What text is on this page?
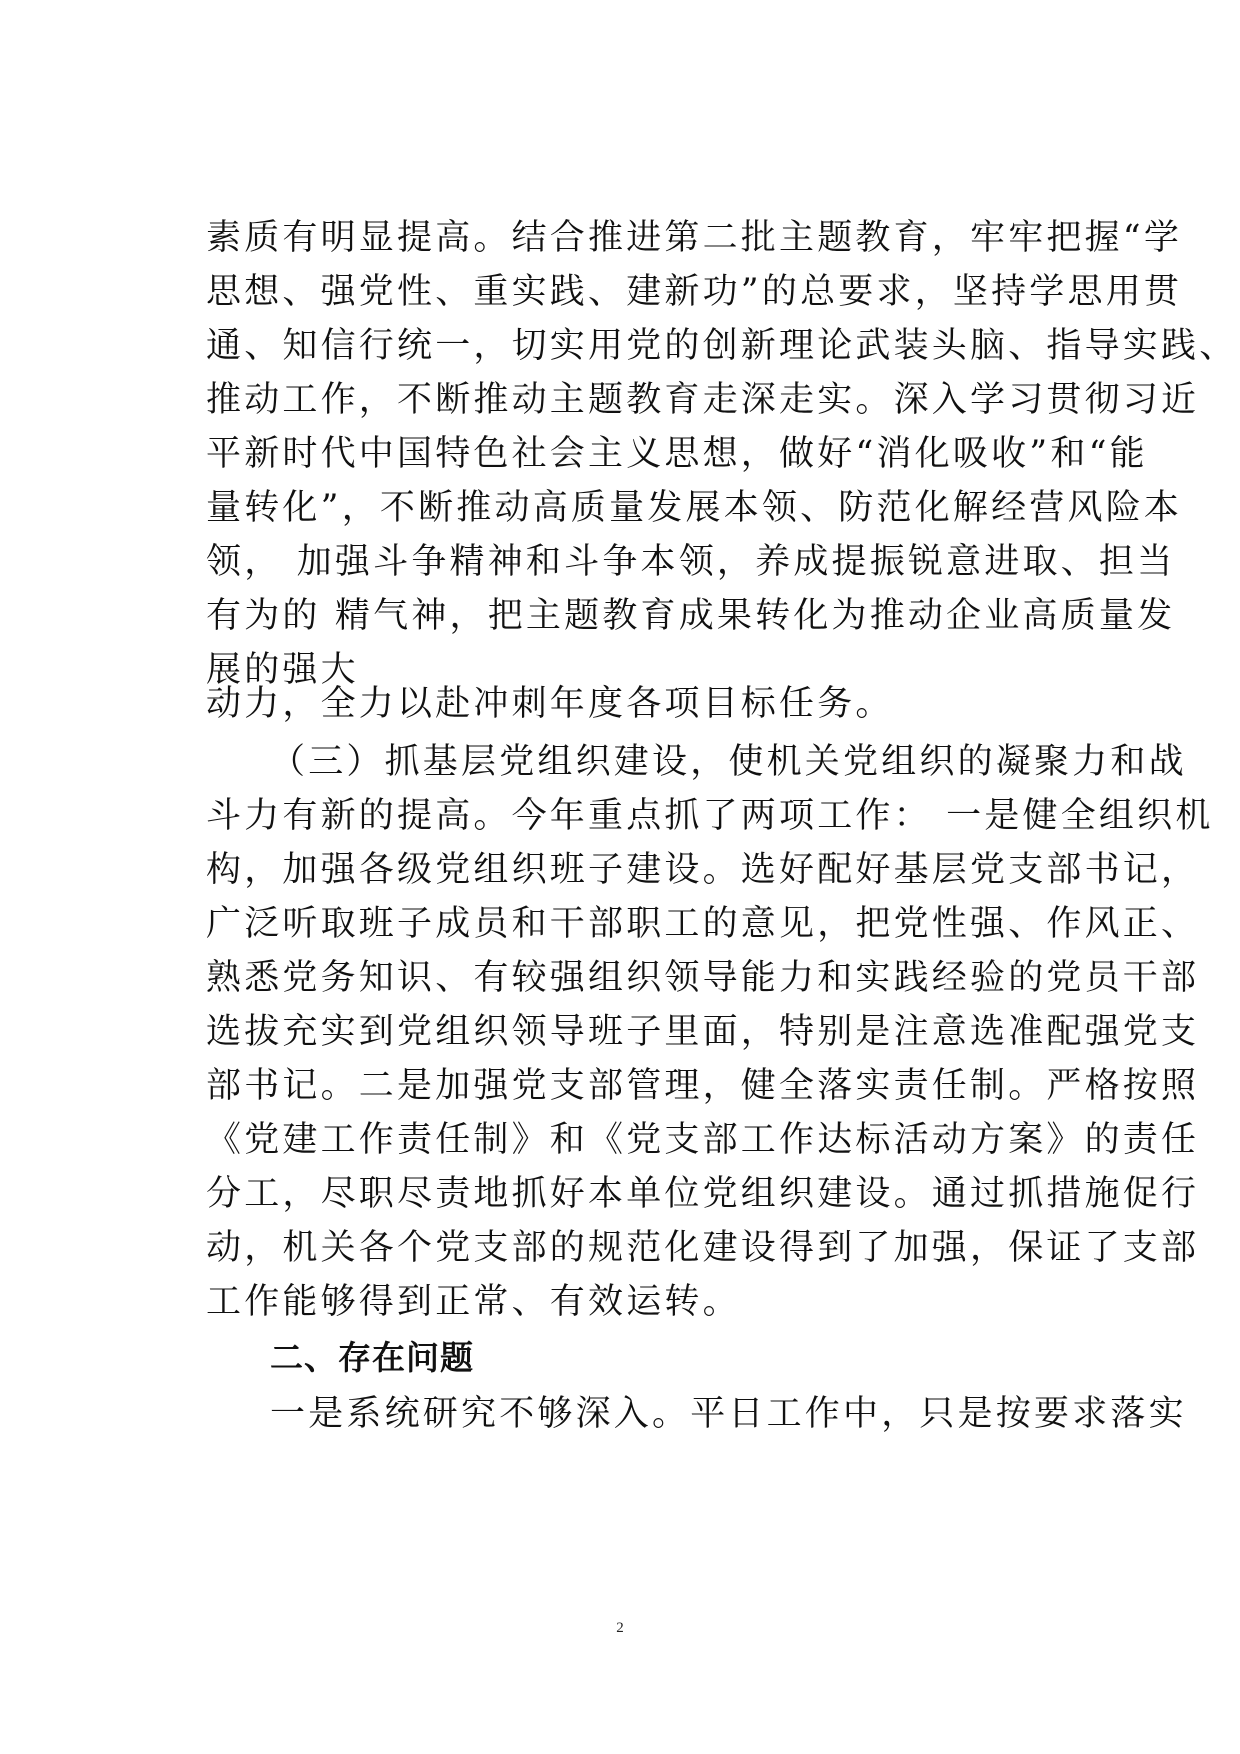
素质有明显提高。结合推进第二批主题教育，牢牢把握“学
思想、强党性、重实践、建新功”的总要求，坚持学思用贯
通、知信行统一，切实用党的创新理论武装头脑、指导实践、
推动工作，不断推动主题教育走深走实。深入学习贯彻习近
平新时代中国特色社会主义思想，做好“消化吸收”和“能
量转化”，不断推动高质量发展本领、防范化解经营风险本
领， 加强斗争精神和斗争本领，养成提振锐意进取、担当
有为的 精气神，把主题教育成果转化为推动企业高质量发
展的强大
动力，全力以赴冲刺年度各项目标任务。
（三）抓基层党组织建设，使机关党组织的凝聚力和战
斗力有新的提高。今年重点抓了两项工作： 一是健全组织机
构，加强各级党组织班子建设。选好配好基层党支部书记，
广泛听取班子成员和干部职工的意见，把党性强、作风正、
熟悉党务知识、有较强组织领导能力和实践经验的党员干部
选拔充实到党组织领导班子里面，特别是注意选准配强党支
部书记。二是加强党支部管理，健全落实责任制。严格按照
《党建工作责任制》和《党支部工作达标活动方案》的责任
分工，尽职尽责地抓好本单位党组织建设。通过抓措施促行
动，机关各个党支部的规范化建设得到了加强，保证了支部
工作能够得到正常、有效运转。
二、存在问题
一是系统研究不够深入。平日工作中，只是按要求落实
2
